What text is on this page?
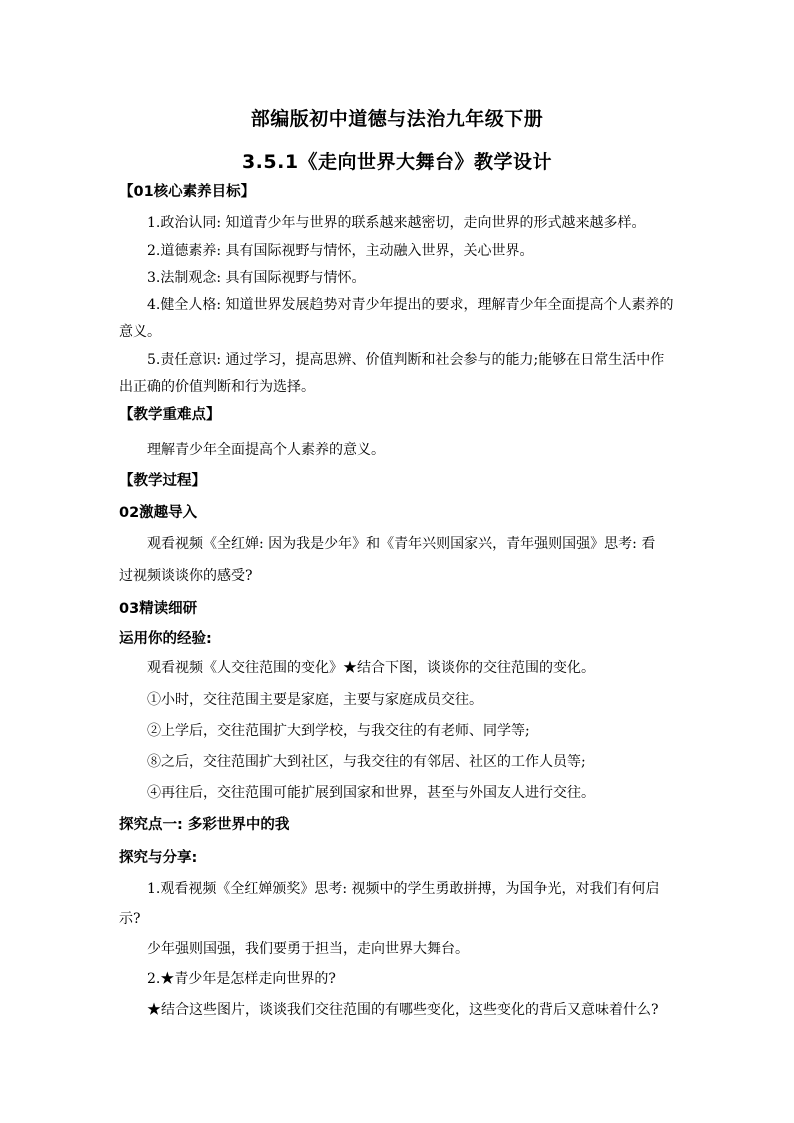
部编版初中道德与法治九年级下册
3.5.1《走向世界大舞台》教学设计
【01核心素养目标】
1.政治认同: 知道青少年与世界的联系越来越密切，走向世界的形式越来越多样。
2.道德素养: 具有国际视野与情怀，主动融入世界，关心世界。
3.法制观念: 具有国际视野与情怀。
4.健全人格: 知道世界发展趋势对青少年提出的要求，理解青少年全面提高个人素养的
意义。
5.责任意识: 通过学习，提高思辨、价值判断和社会参与的能力;能够在日常生活中作
出正确的价值判断和行为选择。
【教学重难点】
理解青少年全面提高个人素养的意义。
【教学过程】
02激趣导入
观看视频《全红婵: 因为我是少年》和《青年兴则国家兴，青年强则国强》思考: 看
过视频谈谈你的感受?
03精读细研
运用你的经验:
观看视频《人交往范围的变化》★结合下图，谈谈你的交往范围的变化。
①小时，交往范围主要是家庭，主要与家庭成员交往。
②上学后，交往范围扩大到学校，与我交往的有老师、同学等;
⑧之后，交往范围扩大到社区，与我交往的有邻居、社区的工作人员等;
④再往后，交往范围可能扩展到国家和世界，甚至与外国友人进行交往。
探究点一: 多彩世界中的我
探究与分享:
1.观看视频《全红婵颁奖》思考: 视频中的学生勇敢拼搏，为国争光，对我们有何启
示?
少年强则国强，我们要勇于担当，走向世界大舞台。
2.★青少年是怎样走向世界的?
★结合这些图片，谈谈我们交往范围的有哪些变化，这些变化的背后又意味着什么?
